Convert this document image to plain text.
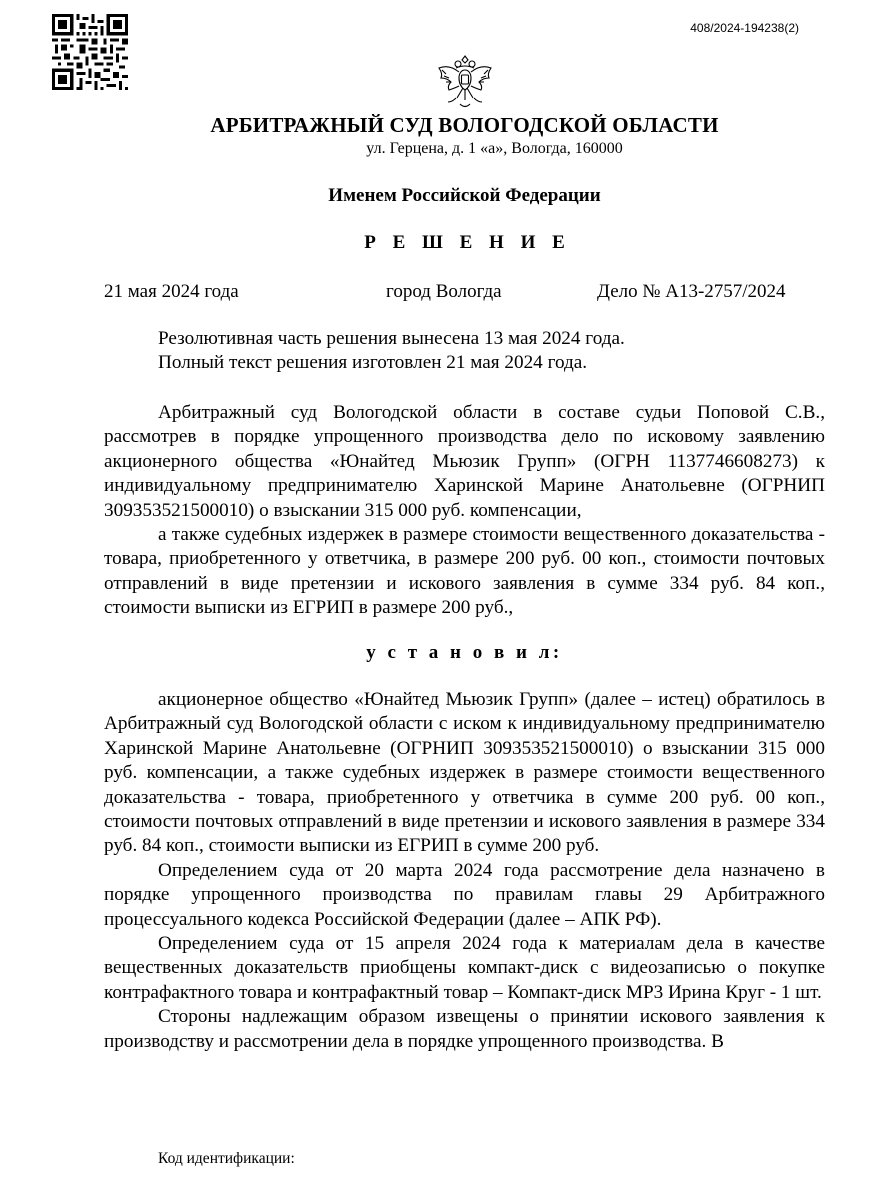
408/2024-194238(2)
АРБИТРАЖНЫЙ СУД ВОЛОГОДСКОЙ ОБЛАСТИ
ул. Герцена, д. 1 «а», Вологда, 160000
Именем Российской Федерации
Р Е Ш Е Н И Е
21 мая 2024 года	город Вологда	Дело № А13-2757/2024

Резолютивная часть решения вынесена 13 мая 2024 года.

Полный текст решения изготовлен 21 мая 2024 года.

Арбитражный суд Вологодской области в составе судьи Поповой С.В., рассмотрев в порядке упрощенного производства дело по исковому заявлению акционерного общества «Юнайтед Мьюзик Групп» (ОГРН 1137746608273) к индивидуальному предпринимателю Харинской Марине Анатольевне (ОГРНИП 309353521500010) о взыскании 315 000 руб. компенсации,

а также судебных издержек в размере стоимости вещественного доказательства - товара, приобретенного у ответчика, в размере 200 руб. 00 коп., стоимости почтовых отправлений в виде претензии и искового заявления в сумме 334 руб. 84 коп., стоимости выписки из ЕГРИП в размере 200 руб.,

у с т а н о в и л:

акционерное общество «Юнайтед Мьюзик Групп» (далее – истец) обратилось в Арбитражный суд Вологодской области с иском к индивидуальному предпринимателю Харинской Марине Анатольевне (ОГРНИП 309353521500010) о взыскании 315 000 руб. компенсации, а также судебных издержек в размере стоимости вещественного доказательства - товара, приобретенного у ответчика в сумме 200 руб. 00 коп., стоимости почтовых отправлений в виде претензии и искового заявления в размере 334 руб. 84 коп., стоимости выписки из ЕГРИП в сумме 200 руб.

Определением суда от 20 марта 2024 года рассмотрение дела назначено в порядке упрощенного производства по правилам главы 29 Арбитражного процессуального кодекса Российской Федерации (далее – АПК РФ).

Определением суда от 15 апреля 2024 года к материалам дела в качестве вещественных доказательств приобщены компакт-диск с видеозаписью о покупке контрафактного товара и контрафактный товар – Компакт-диск MP3 Ирина Круг - 1 шт.

Стороны надлежащим образом извещены о принятии искового заявления к производству и рассмотрении дела в порядке упрощенного производства. В

Код идентификации:
